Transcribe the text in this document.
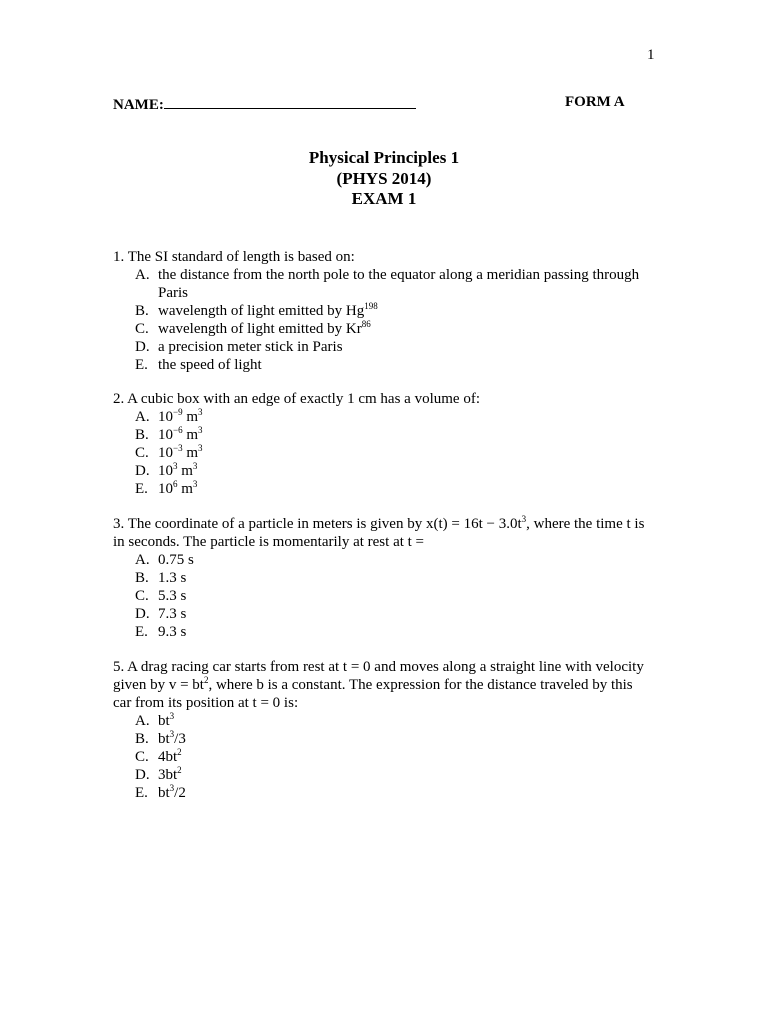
1
NAME:	FORM A
Physical Principles 1
(PHYS 2014)
EXAM 1

1. The SI standard of length is based on:

A. the distance from the north pole to the equator along a meridian passing through Paris
B. wavelength of light emitted by Hg$^{198}$
C. wavelength of light emitted by Kr$^{86}$
D. a precision meter stick in Paris
E. the speed of light

2. A cubic box with an edge of exactly 1 cm has a volume of:

A. $10^{-9}$ $m^3$
B. $10^{-6}$ $m^3$
C. $10^{-3}$ $m^3$
D. $10^3$ $m^3$
E. $10^6$ $m^3$

3. The coordinate of a particle in meters is given by $x(t) = 16t - 3.0t^3$, where the time t is in seconds. The particle is momentarily at rest at t =

A. 0.75 s
B. 1.3 s
C. 5.3 s
D. 7.3 s
E. 9.3 s

5. A drag racing car starts from rest at t = 0 and moves along a straight line with velocity given by $v = bt^2$, where b is a constant. The expression for the distance traveled by this car from its position at t = 0 is:

A. $bt^3$
B. $bt^3/3$
C. $4bt^2$
D. $3bt^2$
E. $bt^3/2$
